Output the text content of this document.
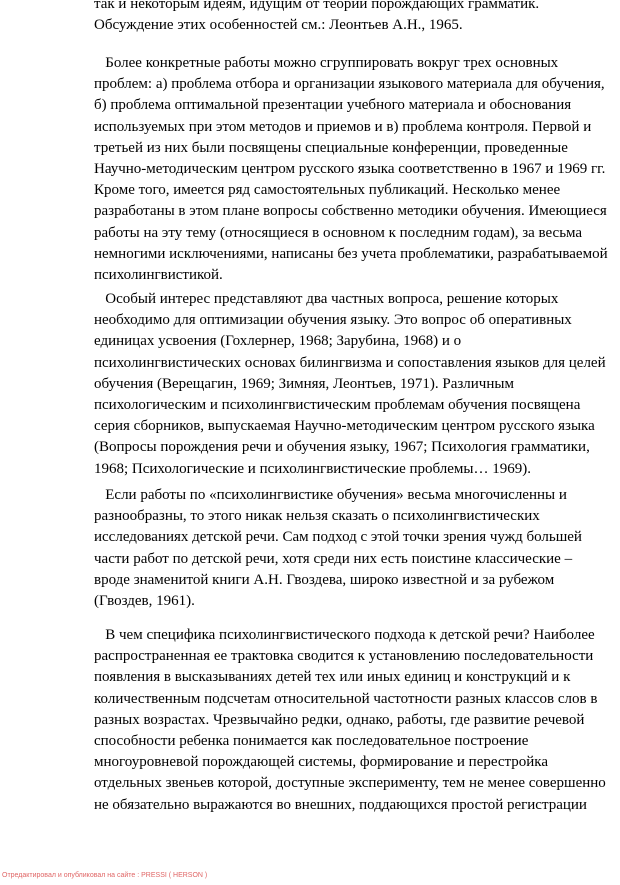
так и некоторым идеям, идущим от теории порождающих грамматик.
Обсуждение этих особенностей см.: Леонтьев А.Н., 1965.
Более конкретные работы можно сгруппировать вокруг трех основных
проблем: а) проблема отбора и организации языкового материала для обучения,
б) проблема оптимальной презентации учебного материала и обоснования
используемых при этом методов и приемов и в) проблема контроля. Первой и
третьей из них были посвящены специальные конференции, проведенные
Научно-методическим центром русского языка соответственно в 1967 и 1969 гг.
Кроме того, имеется ряд самостоятельных публикаций. Несколько менее
разработаны в этом плане вопросы собственно методики обучения. Имеющиеся
работы на эту тему (относящиеся в основном к последним годам), за весьма
немногими исключениями, написаны без учета проблематики, разрабатываемой
психолингвистикой.
Особый интерес представляют два частных вопроса, решение которых
необходимо для оптимизации обучения языку. Это вопрос об оперативных
единицах усвоения (Гохлернер, 1968; Зарубина, 1968) и о
психолингвистических основах билингвизма и сопоставления языков для целей
обучения (Верещагин, 1969; Зимняя, Леонтьев, 1971). Различным
психологическим и психолингвистическим проблемам обучения посвящена
серия сборников, выпускаемая Научно-методическим центром русского языка
(Вопросы порождения речи и обучения языку, 1967; Психология грамматики,
1968; Психологические и психолингвистические проблемы… 1969).
Если работы по «психолингвистике обучения» весьма многочисленны и
разнообразны, то этого никак нельзя сказать о психолингвистических
исследованиях детской речи. Сам подход с этой точки зрения чужд большей
части работ по детской речи, хотя среди них есть поистине классические –
вроде знаменитой книги А.Н. Гвоздева, широко известной и за рубежом
(Гвоздев, 1961).
В чем специфика психолингвистического подхода к детской речи? Наиболее
распространенная ее трактовка сводится к установлению последовательности
появления в высказываниях детей тех или иных единиц и конструкций и к
количественным подсчетам относительной частотности разных классов слов в
разных возрастах. Чрезвычайно редки, однако, работы, где развитие речевой
способности ребенка понимается как последовательное построение
многоуровневой порождающей системы, формирование и перестройка
отдельных звеньев которой, доступные эксперименту, тем не менее совершенно
не обязательно выражаются во внешних, поддающихся простой регистрации
Отредактировал и опубликовал на сайте : PRESSI ( HERSON )
